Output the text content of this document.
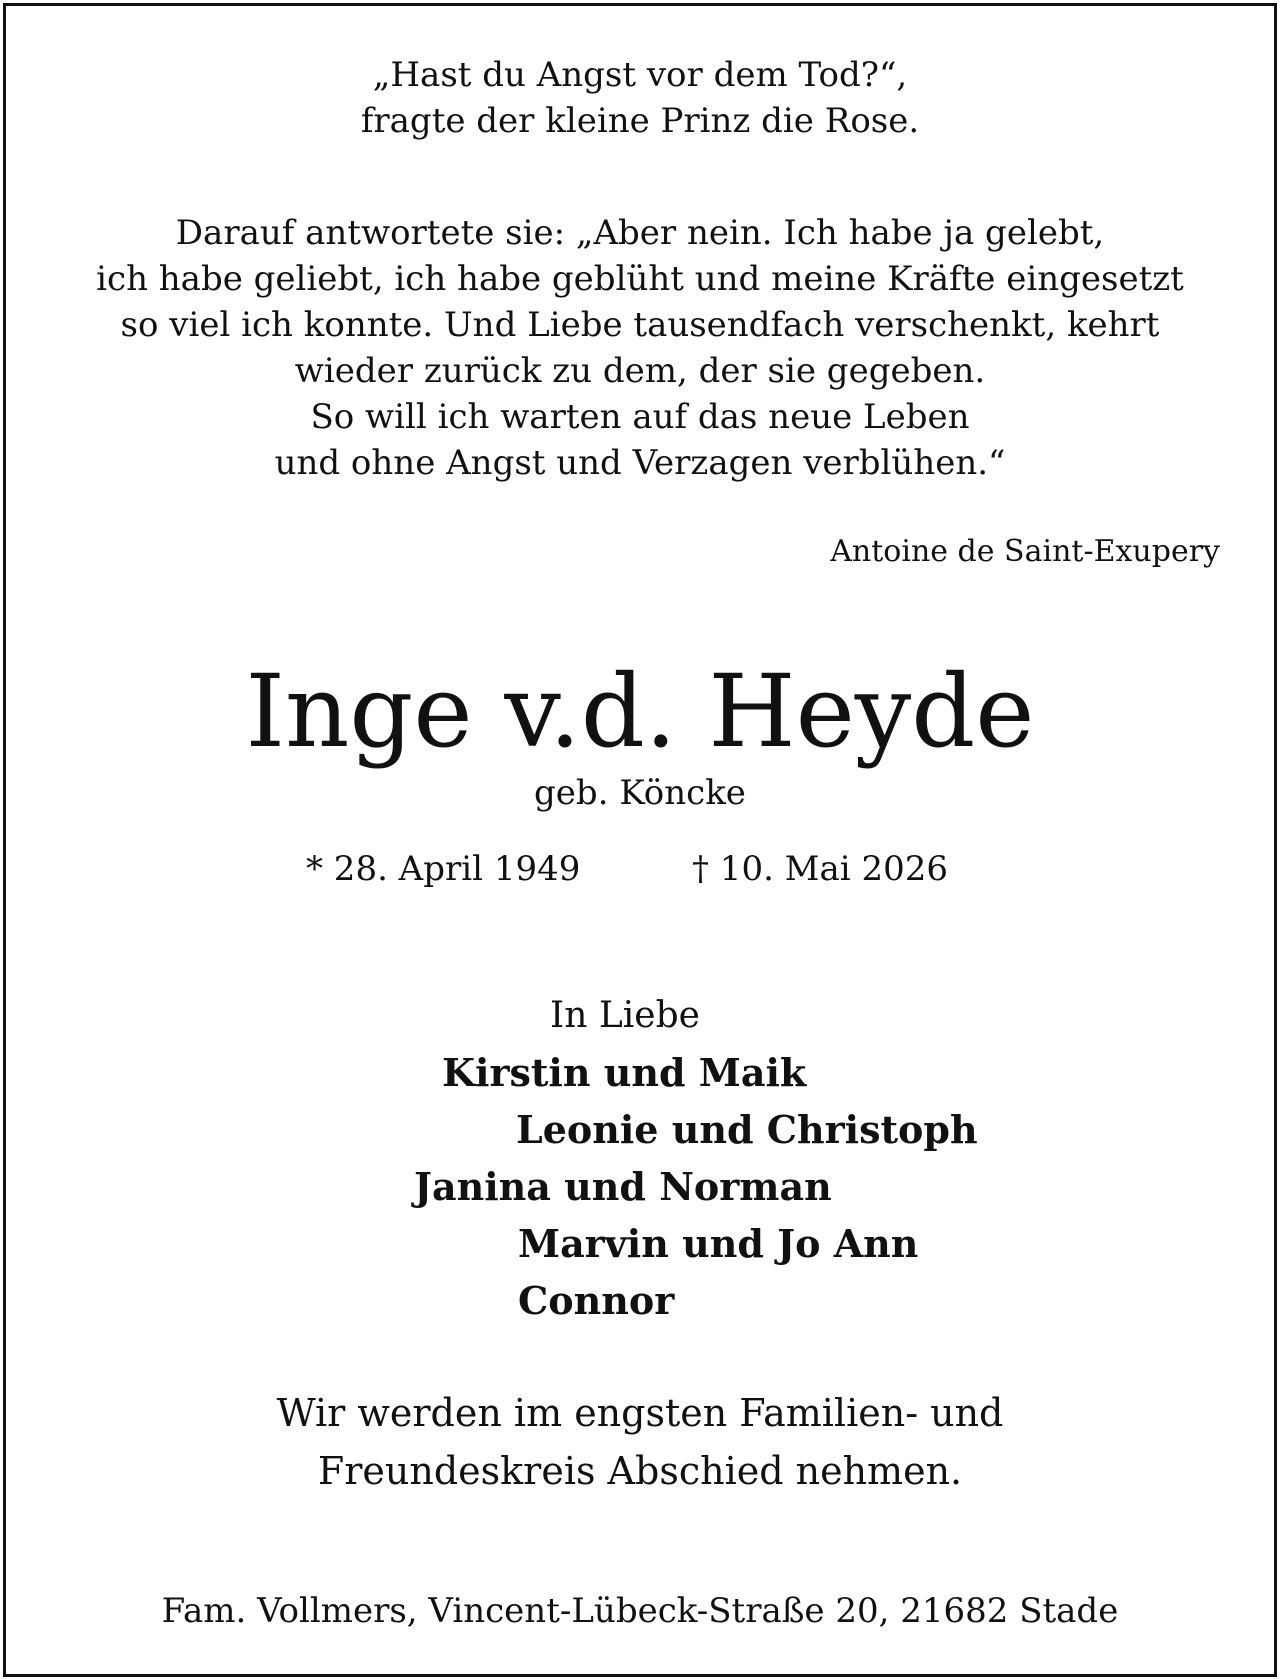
„Hast du Angst vor dem Tod?“,
fragte der kleine Prinz die Rose.
Darauf antwortete sie: „Aber nein. Ich habe ja gelebt,
ich habe geliebt, ich habe geblüht und meine Kräfte eingesetzt
so viel ich konnte. Und Liebe tausendfach verschenkt, kehrt
wieder zurück zu dem, der sie gegeben.
So will ich warten auf das neue Leben
und ohne Angst und Verzagen verblühen.“
Antoine de Saint-Exupery
Inge v.d. Heyde
geb. Köncke
* 28. April 1949	† 10. Mai 2026
In Liebe
Kirstin und Maik
Leonie und Christoph
Janina und Norman
Marvin und Jo Ann
Connor
Wir werden im engsten Familien- und
Freundeskreis Abschied nehmen.
Fam. Vollmers, Vincent-Lübeck-Straße 20, 21682 Stade
